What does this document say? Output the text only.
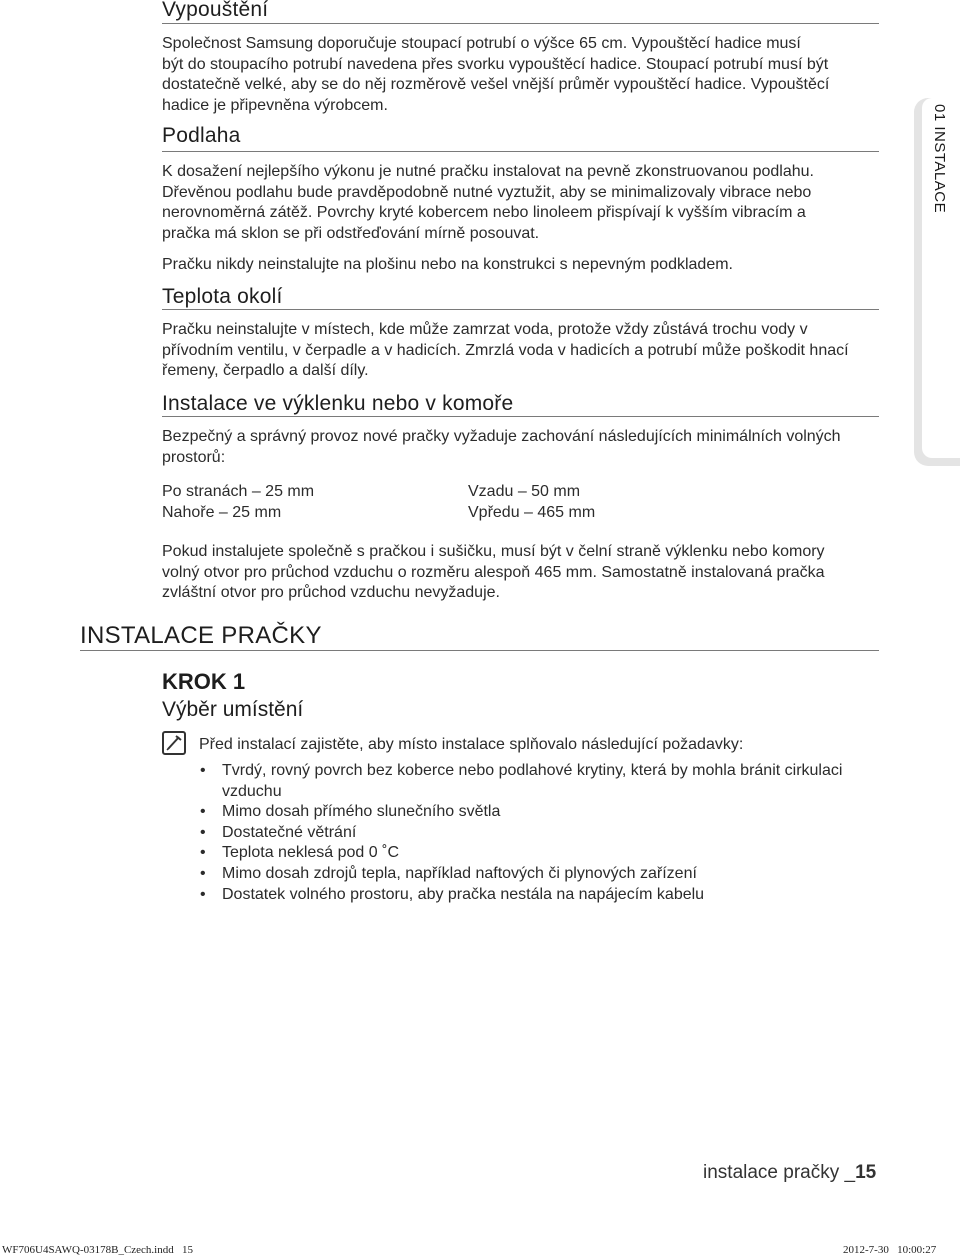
01 INSTALACE
Vypouštění
Společnost Samsung doporučuje stoupací potrubí o výšce 65 cm. Vypouštěcí hadice musí
být do stoupacího potrubí navedena přes svorku vypouštěcí hadice. Stoupací potrubí musí být
dostatečně velké, aby se do něj rozměrově vešel vnější průměr vypouštěcí hadice. Vypouštěcí
hadice je připevněna výrobcem.
Podlaha
K dosažení nejlepšího výkonu je nutné pračku instalovat na pevně zkonstruovanou podlahu.
Dřevěnou podlahu bude pravděpodobně nutné vyztužit, aby se minimalizovaly vibrace nebo
nerovnoměrná zátěž. Povrchy kryté kobercem nebo linoleem přispívají k vyšším vibracím a
pračka má sklon se při odstřeďování mírně posouvat.
Pračku nikdy neinstalujte na plošinu nebo na konstrukci s nepevným podkladem.
Teplota okolí
Pračku neinstalujte v místech, kde může zamrzat voda, protože vždy zůstává trochu vody v
přívodním ventilu, v čerpadle a v hadicích. Zmrzlá voda v hadicích a potrubí může poškodit hnací
řemeny, čerpadlo a další díly.
Instalace ve výklenku nebo v komoře
Bezpečný a správný provoz nové pračky vyžaduje zachování následujících minimálních volných
prostorů:
Po stranách – 25 mm
Nahoře – 25 mm
Vzadu – 50 mm
Vpředu – 465 mm
Pokud instalujete společně s pračkou i sušičku, musí být v čelní straně výklenku nebo komory
volný otvor pro průchod vzduchu o rozměru alespoň 465 mm. Samostatně instalovaná pračka
zvláštní otvor pro průchod vzduchu nevyžaduje.
INSTALACE PRAČKY
KROK 1
Výběr umístění
Před instalací zajistěte, aby místo instalace splňovalo následující požadavky:
• Tvrdý, rovný povrch bez koberce nebo podlahové krytiny, která by mohla bránit cirkulaci
vzduchu
• Mimo dosah přímého slunečního světla
• Dostatečné větrání
• Teplota neklesá pod 0 ˚C
• Mimo dosah zdrojů tepla, například naftových či plynových zařízení
• Dostatek volného prostoru, aby pračka nestála na napájecím kabelu
instalace pračky _15
WF706U4SAWQ-03178B_Czech.indd   15	2012-7-30   10:00:27
